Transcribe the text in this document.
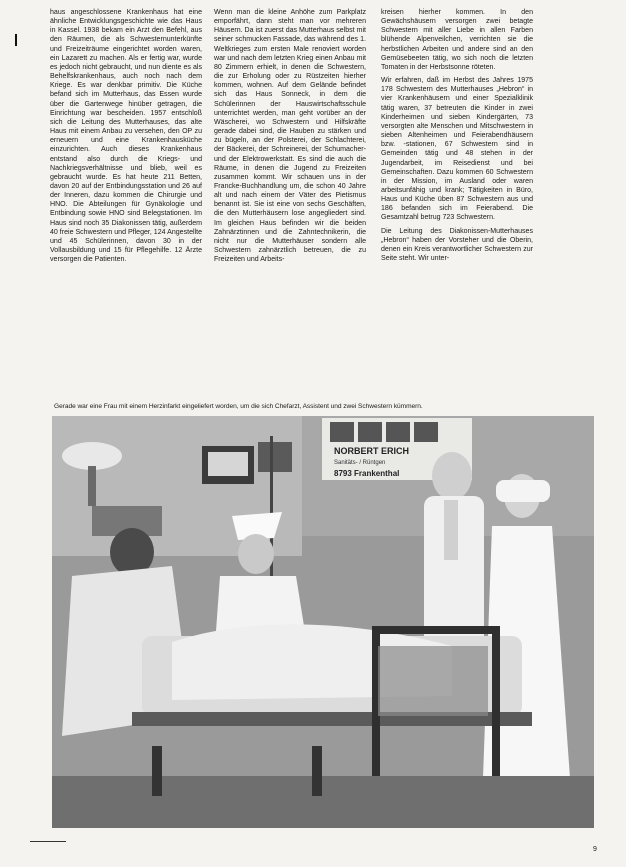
haus angeschlossene Krankenhaus hat eine ähnliche Entwicklungsgeschichte wie das Haus in Kassel. 1938 bekam ein Arzt den Befehl, aus den Räumen, die als Schwesternunterkünfte und Freizeiträume eingerichtet worden waren, ein Lazarett zu machen. Als er fertig war, wurde es jedoch nicht gebraucht, und nun diente es als Behelfskrankenhaus, auch noch nach dem Kriege. Es war denkbar primitiv. Die Küche befand sich im Mutterhaus, das Essen wurde über die Gartenwege hinüber getragen, die Einrichtung war bescheiden. 1957 entschloß sich die Leitung des Mutterhauses, das alte Haus mit einem Anbau zu versehen, den OP zu erneuern und eine Krankenhausküche einzurichten. Auch dieses Krankenhaus entstand also durch die Kriegs- und Nachkriegsverhältnisse und blieb, weil es gebraucht wurde. Es hat heute 211 Betten, davon 20 auf der Entbindungsstation und 26 auf der Inneren, dazu kommen die Chirurgie und HNO. Die Abteilungen für Gynäkologie und Entbindung sowie HNO sind Belegstationen. Im Haus sind noch 35 Diakonissen tätig, außerdem 40 freie Schwestern und Pfleger, 124 Angestellte und 45 Schülerinnen, davon 30 in der Vollausbildung und 15 für Pflegehilfe. 12 Ärzte versorgen die Patienten.

Wenn man die kleine Anhöhe zum Parkplatz emporfährt, dann steht man vor mehreren Häusern. Da ist zuerst das Mutterhaus selbst mit seiner schmucken Fassade, das während des 1. Weltkrieges zum ersten Male renoviert worden war und nach dem letzten Krieg einen Anbau mit 80 Zimmern erhielt, in denen die Schwestern, die zur Erholung oder zu Rüstzeiten hierher kommen, wohnen. Auf dem Gelände befindet sich das Haus Sonneck, in dem die Schülerinnen der Hauswirtschaftsschule unterrichtet werden, man geht vorüber an der Wäscherei, wo Schwestern und Hilfskräfte gerade dabei sind, die Hauben zu stärken und zu bügeln, an der Polsterei, der Schlachterei, der Bäckerei, der Schreinerei, der Schumacher- und der Elektrowerkstatt. Es sind die auch die Räume, in denen die Jugend zu Freizeiten zusammen kommt. Wir schauen uns in der Francke-Buchhandlung um, die schon 40 Jahre alt und nach einem der Väter des Pietismus benannt ist. Sie ist eine von sechs Geschäften, die den Mutterhäusern lose angegliedert sind. Im gleichen Haus befinden wir die beiden Zahnärztinnen und die Zahntechnikerin, die nicht nur die Mutterhäuser sondern alle Schwestern zahnärztlich betreuen, die zu Freizeiten und Arbeits-

kreisen hierher kommen. In den Gewächshäusern versorgen zwei betagte Schwestern mit aller Liebe in allen Farben blühende Alpenveilchen, verrichten sie die herbstlichen Arbeiten und andere sind an den Gemüsebeeten tätig, wo sich noch die letzten Tomaten in der Herbstsonne röteten.

Wir erfahren, daß im Herbst des Jahres 1975 178 Schwestern des Mutterhauses „Hebron“ in vier Krankenhäusern und einer Spezialklinik tätig waren, 37 betreuten die Kinder in zwei Kinderheimen und sieben Kindergärten, 73 versorgten alte Menschen und Mitschwestern in sieben Altenheimen und Feierabendhäusern bzw. -stationen, 67 Schwestern sind in Gemeinden tätig und 48 stehen in der Jugendarbeit, im Reisedienst und bei Gemeinschaften. Dazu kommen 60 Schwestern in der Mission, im Ausland oder waren arbeitsunfähig und krank; Tätigkeiten in Büro, Haus und Küche üben 87 Schwestern aus und 186 befanden sich im Feierabend. Die Gesamtzahl betrug 723 Schwestern.

Die Leitung des Diakonissen-Mutterhauses „Hebron“ haben der Vorsteher und die Oberin, denen ein Kreis verantwortlicher Schwestern zur Seite steht. Wir unter-

Gerade war eine Frau mit einem Herzinfarkt eingeliefert worden, um die sich Chefarzt, Assistent und zwei Schwestern kümmern.
NORBERT ERICH
Sanitäts- / Rüntgen
8793 Frankenthal
9
